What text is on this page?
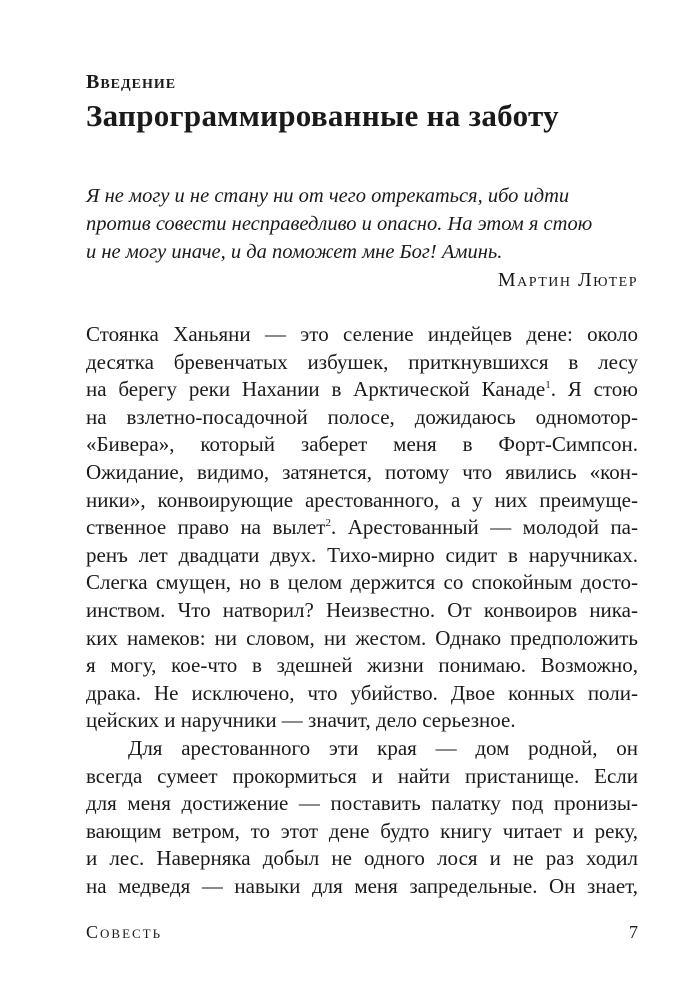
Введение
Запрограммированные на заботу

Я не могу и не стану ни от чего отрекаться, ибо идти

против совести несправедливо и опасно. На этом я стою

и не могу иначе, и да поможет мне Бог! Аминь.

Мартин Лютер

Стоянка Ханьяни — это селение индейцев дене: около
десятка бревенчатых избушек, приткнувшихся в лесу
на берегу реки Нахании в Арктической Канаде$^1$. Я стою
на взлетно-посадочной полосе, дожидаюсь одномотор-
«Бивера», который заберет меня в Форт-Симпсон.
Ожидание, видимо, затянется, потому что явились «кон-
ники», конвоирующие арестованного, а у них преимуще-
ственное право на вылет$^2$. Арестованный — молодой па-
ренъ лет двадцати двух. Тихо-мирно сидит в наручниках.
Слегка смущен, но в целом держится со спокойным досто-
инством. Что натворил? Неизвестно. От конвоиров ника-
ких намеков: ни словом, ни жестом. Однако предположить
я могу, кое-что в здешней жизни понимаю. Возможно,
драка. Не исключено, что убийство. Двое конных поли-
цейских и наручники — значит, дело серьезное.

Для арестованного эти края — дом родной, он
всегда сумеет прокормиться и найти пристанище. Если
для меня достижение — поставить палатку под пронизы-
вающим ветром, то этот дене будто книгу читает и реку,
и лес. Наверняка добыл не одного лося и не раз ходил
на медведя — навыки для меня запредельные. Он знает,

Совесть	7
